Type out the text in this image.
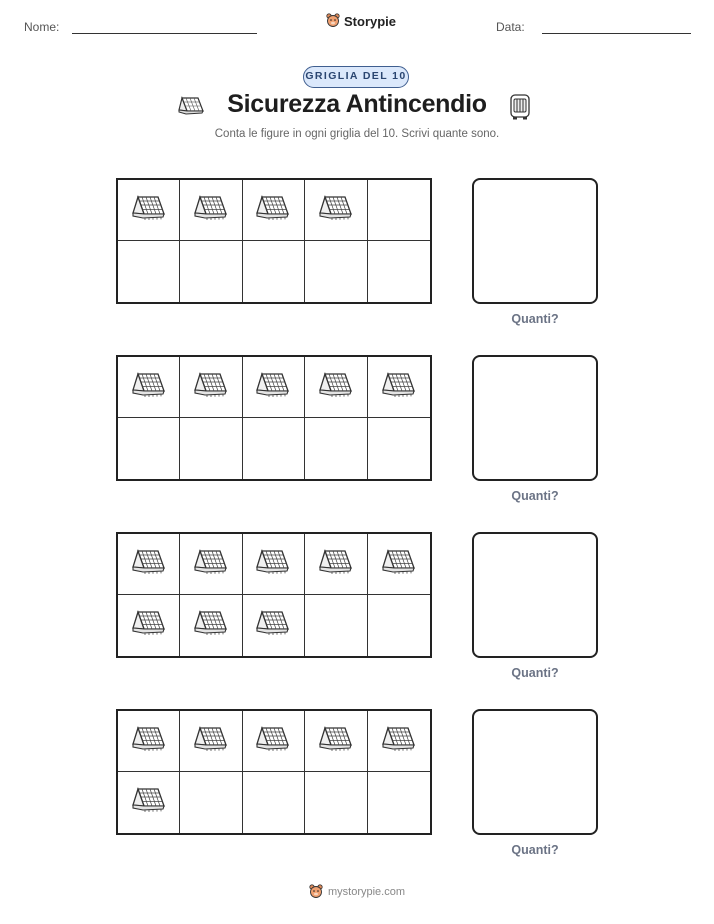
Nome:	Storypie	Data:
GRIGLIA DEL 10
Sicurezza Antincendio
Conta le figure in ogni griglia del 10. Scrivi quante sono.
Quanti?
Quanti?
Quanti?
Quanti?
mystorypie.com
